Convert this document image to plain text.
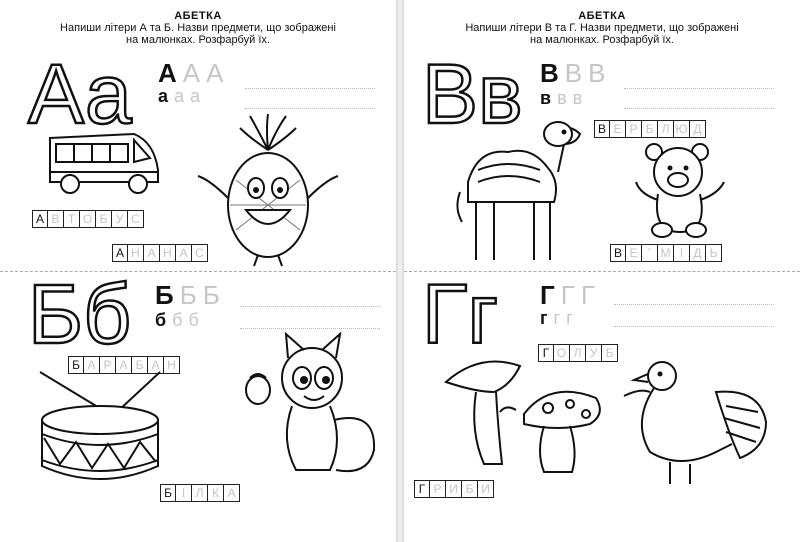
АБЕТКА
Напиши літери А та Б. Назви предмети, що зображені
на малюнках. Розфарбуй їх.
Аа А А А
а а а
А В Т О Б У С
А Н А Н А С
Бб Б Б Б
б б б
Б А Р А Б А Н
Б І Л К А
АБЕТКА
Напиши літери В та Г. Назви предмети, що зображені
на малюнках. Розфарбуй їх.
Вв В В В
в в в
В Е Р Б Л Ю Д
В Е ´ М І Д Ь
Гг Г Г Г
г г г
Г О Л У Б
Г Р И Б И
